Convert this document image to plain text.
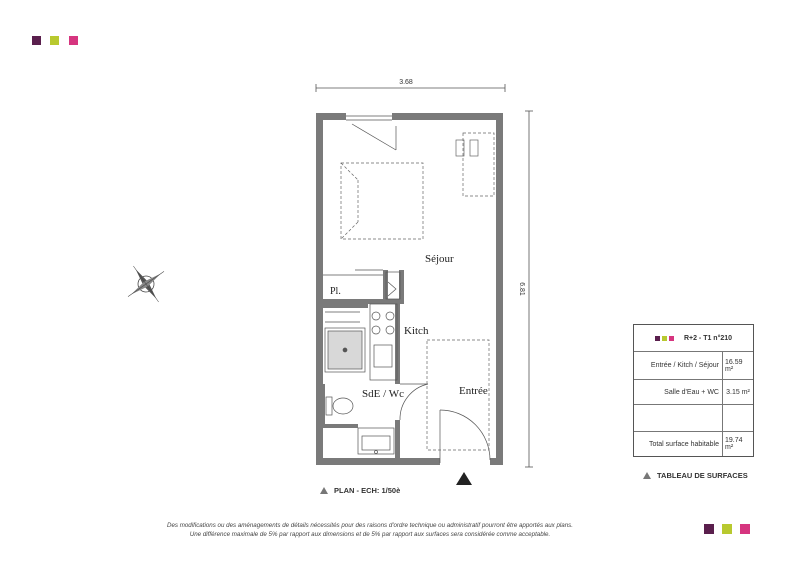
3.68
6.81
Séjour
Pl.
Kitch
SdE / Wc	Entrée
PLAN - ECH: 1/50è
R+2 - T1 n°210
Entrée / Kitch / Séjour 16.59 m²
Salle d'Eau + WC	3.15 m²
Total surface habitable 19.74 m²
TABLEAU DE SURFACES
Des modifications ou des aménagements de détails nécessités pour des raisons d'ordre technique ou administratif pourront être apportés aux plans.
Une différence maximale de 5% par rapport aux dimensions et de 5% par rapport aux surfaces sera considérée comme acceptable.
